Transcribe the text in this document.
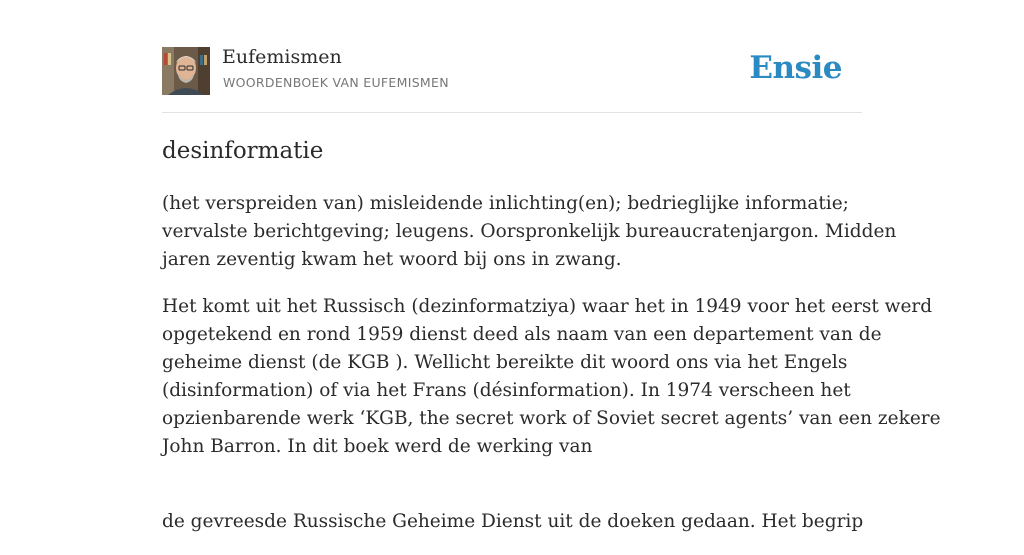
Eufemismen
WOORDENBOEK VAN EUFEMISMEN	Ensie
desinformatie

(het verspreiden van) misleidende inlichting(en); bedrieglijke informatie;
vervalste berichtgeving; leugens. Oorspronkelijk bureaucratenjargon. Midden
jaren zeventig kwam het woord bij ons in zwang.

Het komt uit het Russisch (dezinformatziya) waar het in 1949 voor het eerst werd
opgetekend en rond 1959 dienst deed als naam van een departement van de
geheime dienst (de KGB ). Wellicht bereikte dit woord ons via het Engels
(disinformation) of via het Frans (désinformation). In 1974 verscheen het
opzienbarende werk ‘KGB, the secret work of Soviet secret agents’ van een zekere
John Barron. In dit boek werd de werking van

de gevreesde Russische Geheime Dienst uit de doeken gedaan. Het begrip
